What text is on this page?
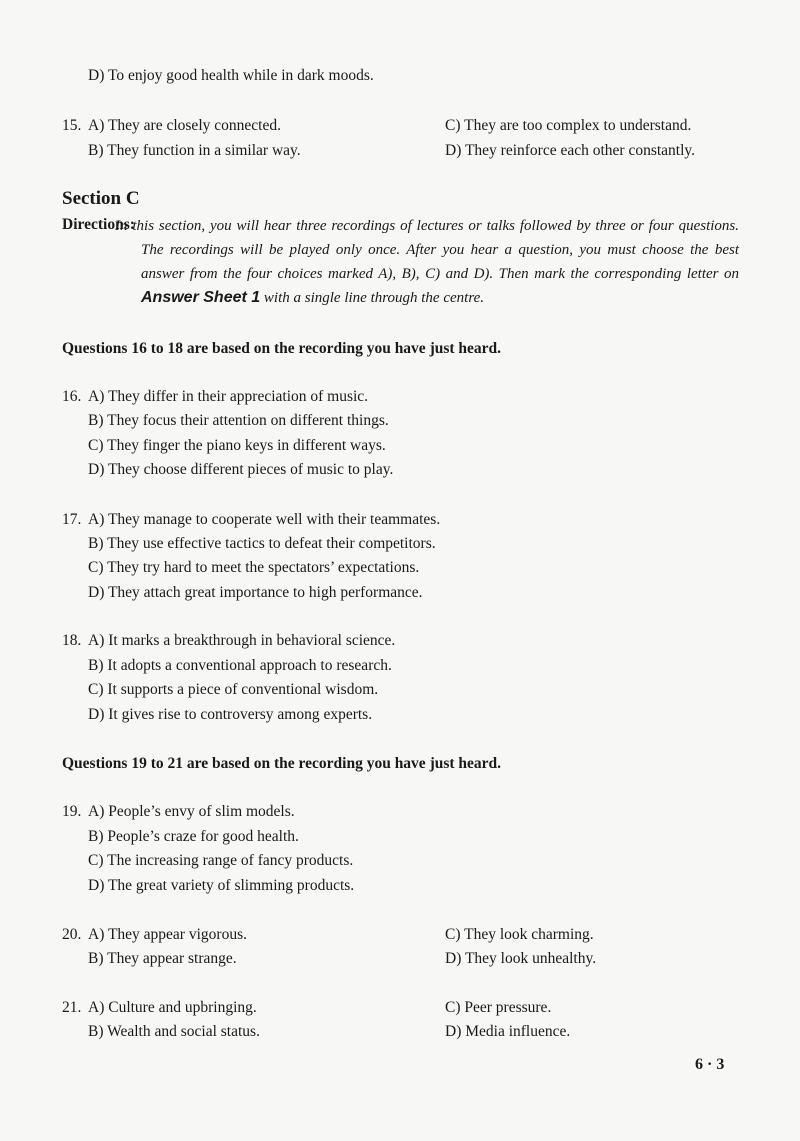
D) To enjoy good health while in dark moods.
15. A) They are closely connected.
B) They function in a similar way.
C) They are too complex to understand.
D) They reinforce each other constantly.
Section C
Directions:
In this section, you will hear three recordings of lectures or talks followed by three or four questions. The recordings will be played only once. After you hear a question, you must choose the best answer from the four choices marked A), B), C) and D). Then mark the corresponding letter on Answer Sheet 1 with a single line through the centre.
Questions 16 to 18 are based on the recording you have just heard.
16. A) They differ in their appreciation of music.
B) They focus their attention on different things.
C) They finger the piano keys in different ways.
D) They choose different pieces of music to play.
17. A) They manage to cooperate well with their teammates.
B) They use effective tactics to defeat their competitors.
C) They try hard to meet the spectators’ expectations.
D) They attach great importance to high performance.
18. A) It marks a breakthrough in behavioral science.
B) It adopts a conventional approach to research.
C) It supports a piece of conventional wisdom.
D) It gives rise to controversy among experts.
Questions 19 to 21 are based on the recording you have just heard.
19. A) People’s envy of slim models.
B) People’s craze for good health.
C) The increasing range of fancy products.
D) The great variety of slimming products.
20. A) They appear vigorous.
B) They appear strange.
C) They look charming.
D) They look unhealthy.
21. A) Culture and upbringing.
B) Wealth and social status.
C) Peer pressure.
D) Media influence.
6 · 3
